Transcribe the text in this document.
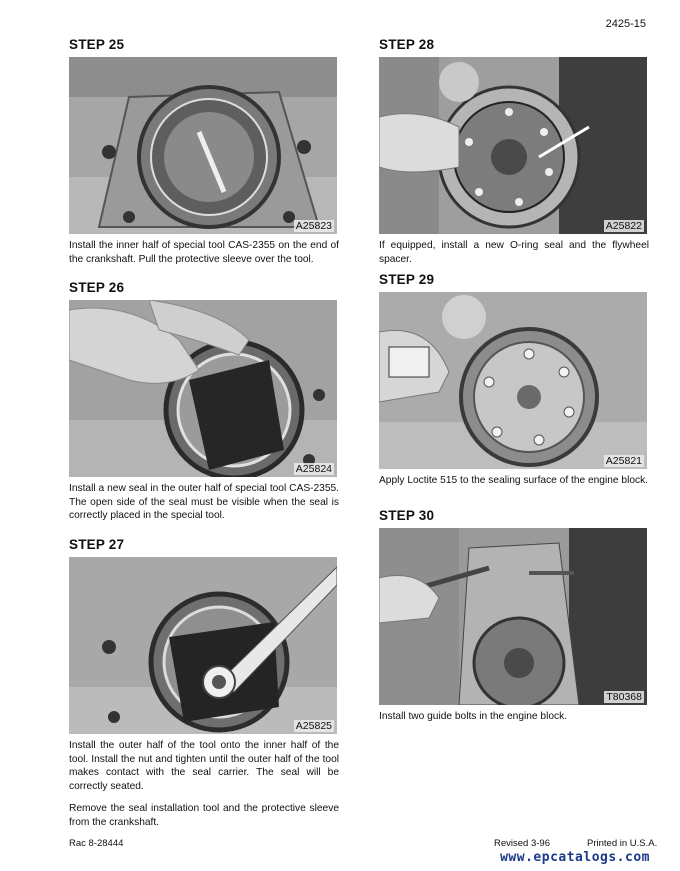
2425-15
STEP 25
A25823
Install the inner half of special tool CAS-2355 on the end of the crankshaft. Pull the protective sleeve over the tool.
STEP 26
A25824
Install a new seal in the outer half of special tool CAS-2355. The open side of the seal must be visible when the seal is correctly placed in the special tool.
STEP 27
A25825

Install the outer half of the tool onto the inner half of the tool. Install the nut and tighten until the outer half of the tool makes contact with the seal carrier. The seal will be correctly seated.

Remove the seal installation tool and the protective sleeve from the crankshaft.

STEP 28
A25822
If equipped, install a new O-ring seal and the flywheel spacer.
STEP 29
A25821
Apply Loctite 515 to the sealing surface of the engine block.
STEP 30
T80368
Install two guide bolts in the engine block.
Rac 8-28444	Revised 3-96	Printed in U.S.A.
www.epcatalogs.com
